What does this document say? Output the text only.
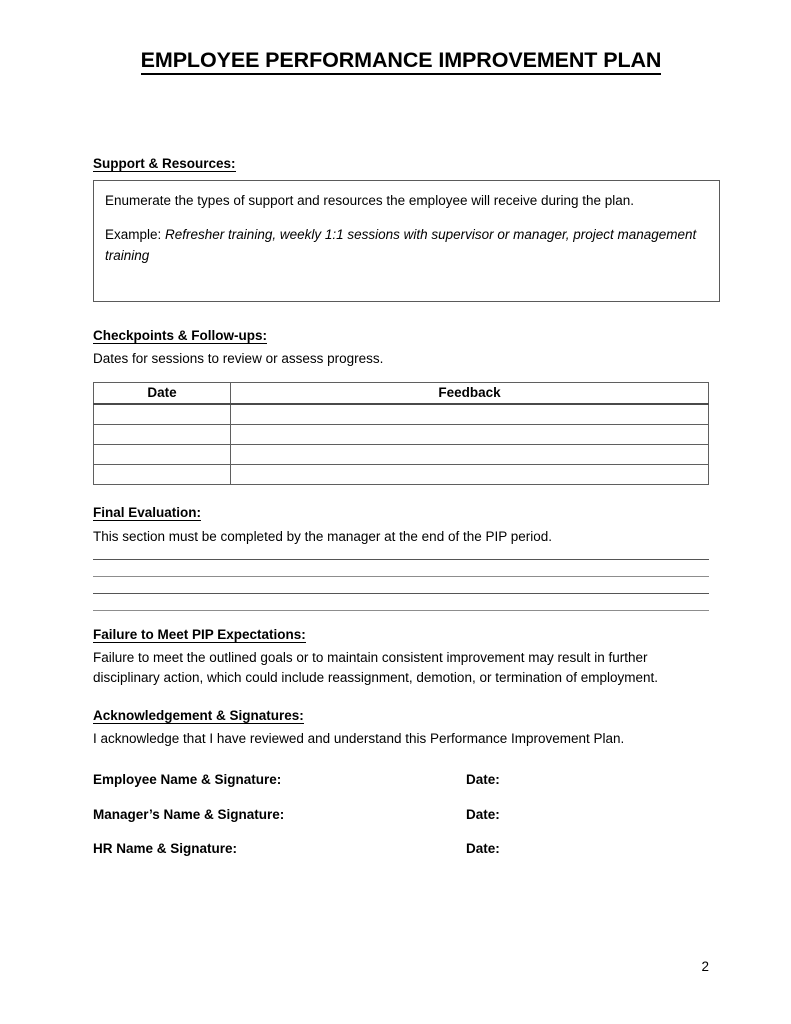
EMPLOYEE PERFORMANCE IMPROVEMENT PLAN
Support & Resources:

Enumerate the types of support and resources the employee will receive during the plan.

Example: Refresher training, weekly 1:1 sessions with supervisor or manager, project management training

Checkpoints & Follow-ups:
Dates for sessions to review or assess progress.
Date	Feedback

Final Evaluation:
This section must be completed by the manager at the end of the PIP period.
Failure to Meet PIP Expectations:
Failure to meet the outlined goals or to maintain consistent improvement may result in further disciplinary action, which could include reassignment, demotion, or termination of employment.
Acknowledgement & Signatures:
I acknowledge that I have reviewed and understand this Performance Improvement Plan.
Employee Name & Signature:	Date:
Manager’s Name & Signature:	Date:
HR Name & Signature:	Date:
2
